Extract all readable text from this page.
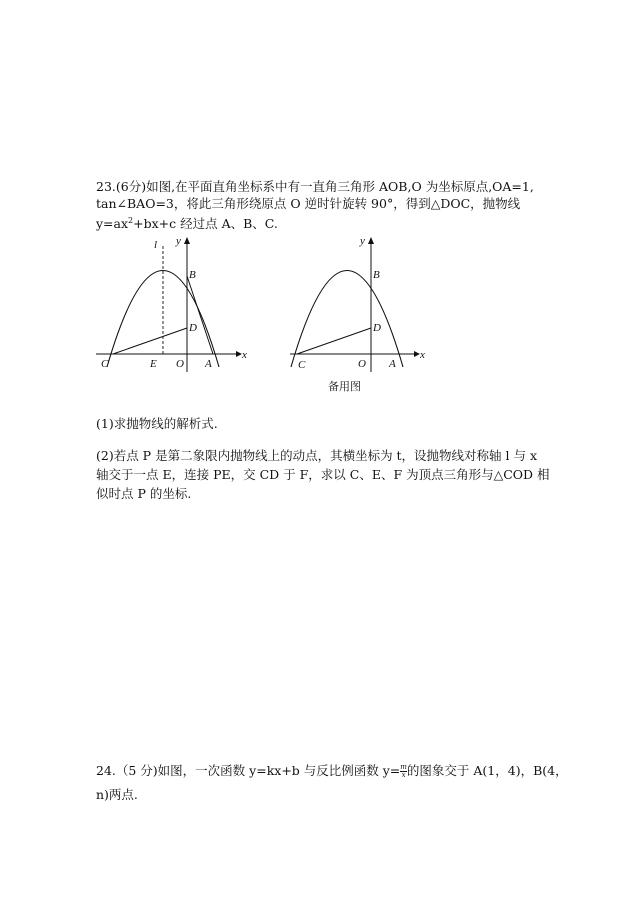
23.(6分)如图,在平面直角坐标系中有一直角三角形 AOB,O 为坐标原点,OA=1,
tan∠BAO=3，将此三角形绕原点 O 逆时针旋转 90°，得到△DOC，抛物线
$y=ax^2+bx+c$ 经过点 A、B、C.
l y
x
B
D
C	E O A
y
x
B
D
C	O A
备用图
(1)求抛物线的解析式.
(2)若点 P 是第二象限内抛物线上的动点，其横坐标为 t，设抛物线对称轴 l 与 x
轴交于一点 E，连接 PE，交 CD 于 F，求以 C、E、F 为顶点三角形与△COD 相
似时点 P 的坐标.
24.（5 分)如图，一次函数 y=kx+b 与反比例函数 $y= \frac{m}{x}$ 的图象交于 A(1，4)，B(4，
n)两点.
